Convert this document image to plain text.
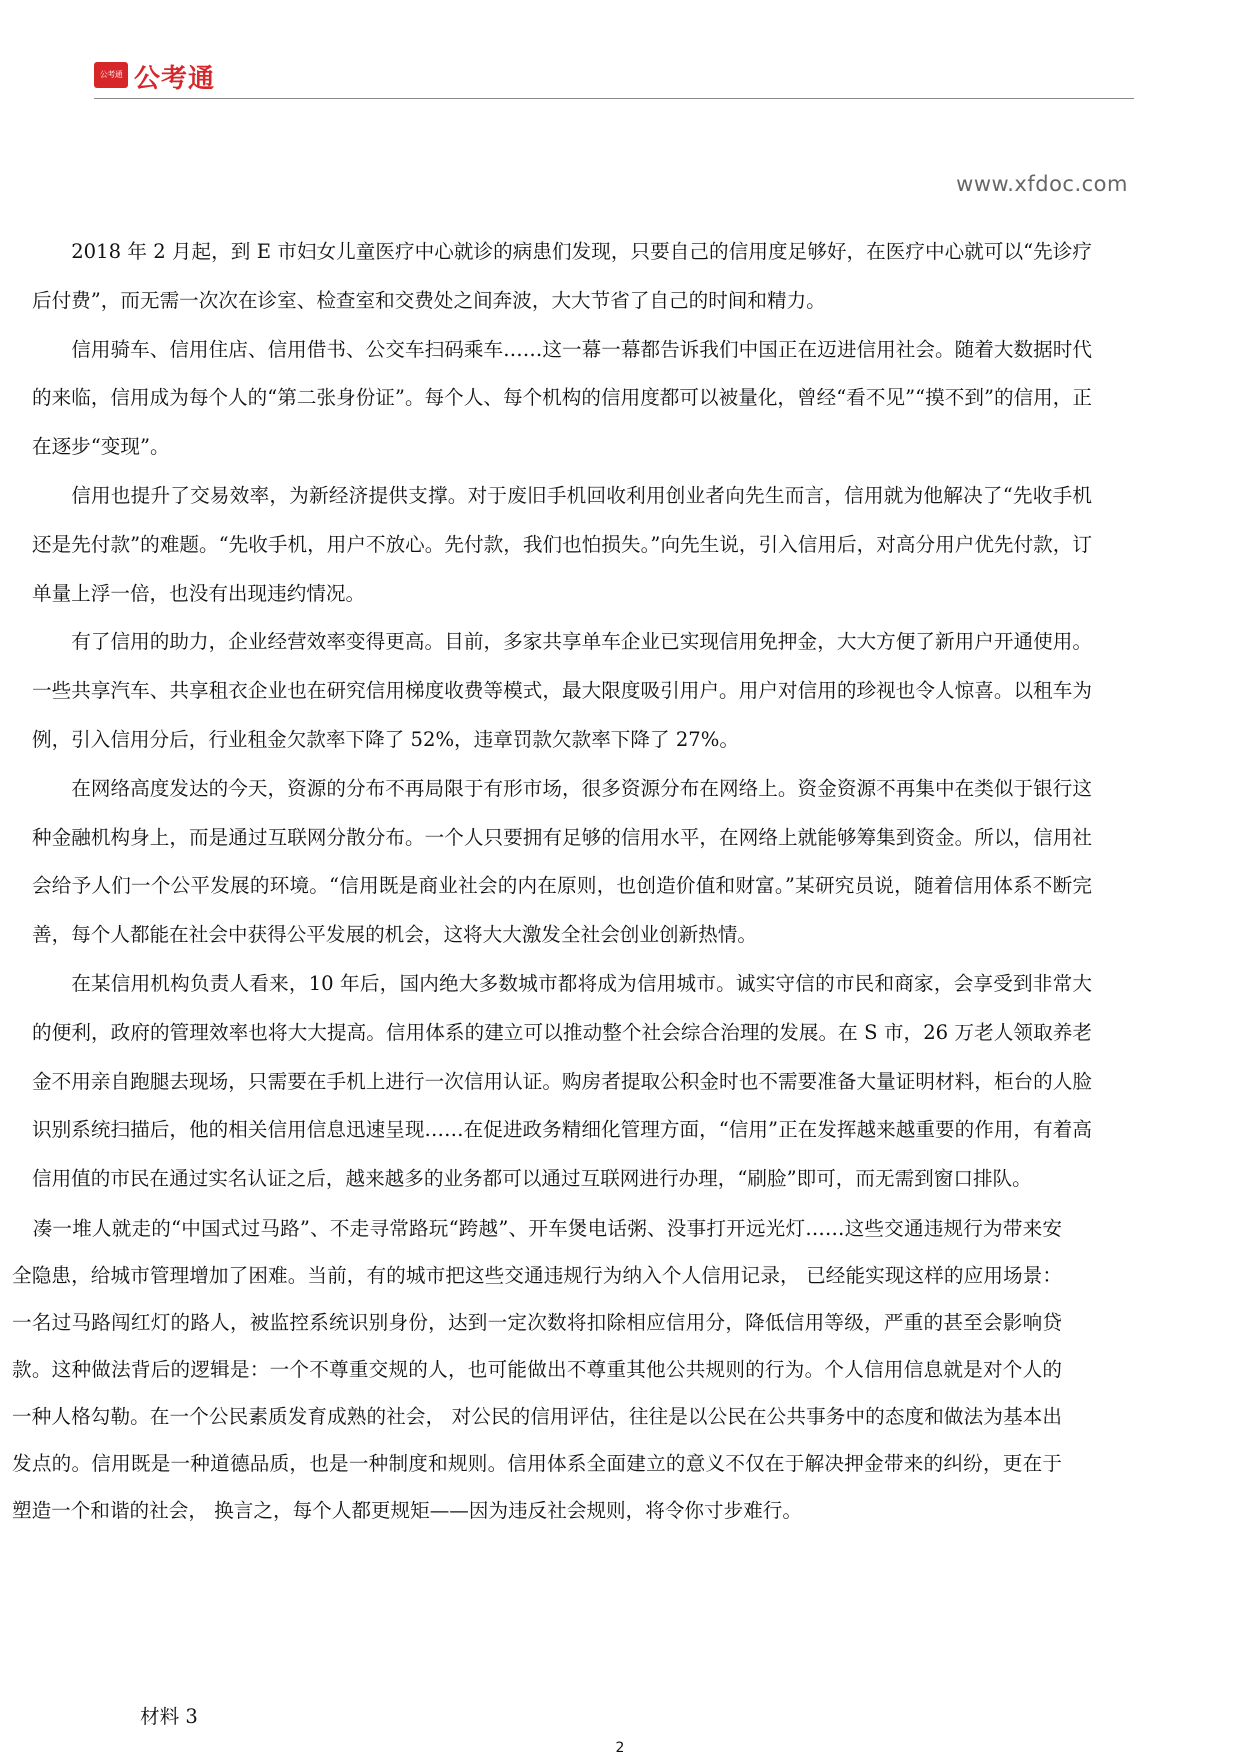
公考通 公考通
www.xfdoc.com

2018 年 2 月起，到 E 市妇女儿童医疗中心就诊的病患们发现，只要自己的信用度足够好，在医疗中心就可以“先诊疗后付费”，而无需一次次在诊室、检查室和交费处之间奔波，大大节省了自己的时间和精力。

信用骑车、信用住店、信用借书、公交车扫码乘车……这一幕一幕都告诉我们中国正在迈进信用社会。随着大数据时代的来临，信用成为每个人的“第二张身份证”。每个人、每个机构的信用度都可以被量化，曾经“看不见”“摸不到”的信用，正在逐步“变现”。

信用也提升了交易效率，为新经济提供支撑。对于废旧手机回收利用创业者向先生而言，信用就为他解决了“先收手机还是先付款”的难题。“先收手机，用户不放心。先付款，我们也怕损失。”向先生说，引入信用后，对高分用户优先付款，订单量上浮一倍，也没有出现违约情况。

有了信用的助力，企业经营效率变得更高。目前，多家共享单车企业已实现信用免押金，大大方便了新用户开通使用。一些共享汽车、共享租衣企业也在研究信用梯度收费等模式，最大限度吸引用户。用户对信用的珍视也令人惊喜。以租车为例，引入信用分后，行业租金欠款率下降了 52%，违章罚款欠款率下降了 27%。

在网络高度发达的今天，资源的分布不再局限于有形市场，很多资源分布在网络上。资金资源不再集中在类似于银行这种金融机构身上，而是通过互联网分散分布。一个人只要拥有足够的信用水平，在网络上就能够筹集到资金。所以，信用社会给予人们一个公平发展的环境。“信用既是商业社会的内在原则，也创造价值和财富。”某研究员说，随着信用体系不断完善，每个人都能在社会中获得公平发展的机会，这将大大激发全社会创业创新热情。

在某信用机构负责人看来，10 年后，国内绝大多数城市都将成为信用城市。诚实守信的市民和商家，会享受到非常大的便利，政府的管理效率也将大大提高。信用体系的建立可以推动整个社会综合治理的发展。在 S 市，26 万老人领取养老金不用亲自跑腿去现场，只需要在手机上进行一次信用认证。购房者提取公积金时也不需要准备大量证明材料，柜台的人脸识别系统扫描后，他的相关信用信息迅速呈现……在促进政务精细化管理方面，“信用”正在发挥越来越重要的作用，有着高信用值的市民在通过实名认证之后，越来越多的业务都可以通过互联网进行办理，“刷脸”即可，而无需到窗口排队。

凑一堆人就走的“中国式过马路”、不走寻常路玩“跨越”、开车煲电话粥、没事打开远光灯……这些交通违规行为带来安全隐患，给城市管理增加了困难。当前，有的城市把这些交通违规行为纳入个人信用记录， 已经能实现这样的应用场景：一名过马路闯红灯的路人，被监控系统识别身份，达到一定次数将扣除相应信用分，降低信用等级，严重的甚至会影响贷款。这种做法背后的逻辑是：一个不尊重交规的人，也可能做出不尊重其他公共规则的行为。个人信用信息就是对个人的一种人格勾勒。在一个公民素质发育成熟的社会， 对公民的信用评估，往往是以公民在公共事务中的态度和做法为基本出发点的。信用既是一种道德品质，也是一种制度和规则。信用体系全面建立的意义不仅在于解决押金带来的纠纷，更在于塑造一个和谐的社会， 换言之，每个人都更规矩——因为违反社会规则，将令你寸步难行。

材料 3
2
